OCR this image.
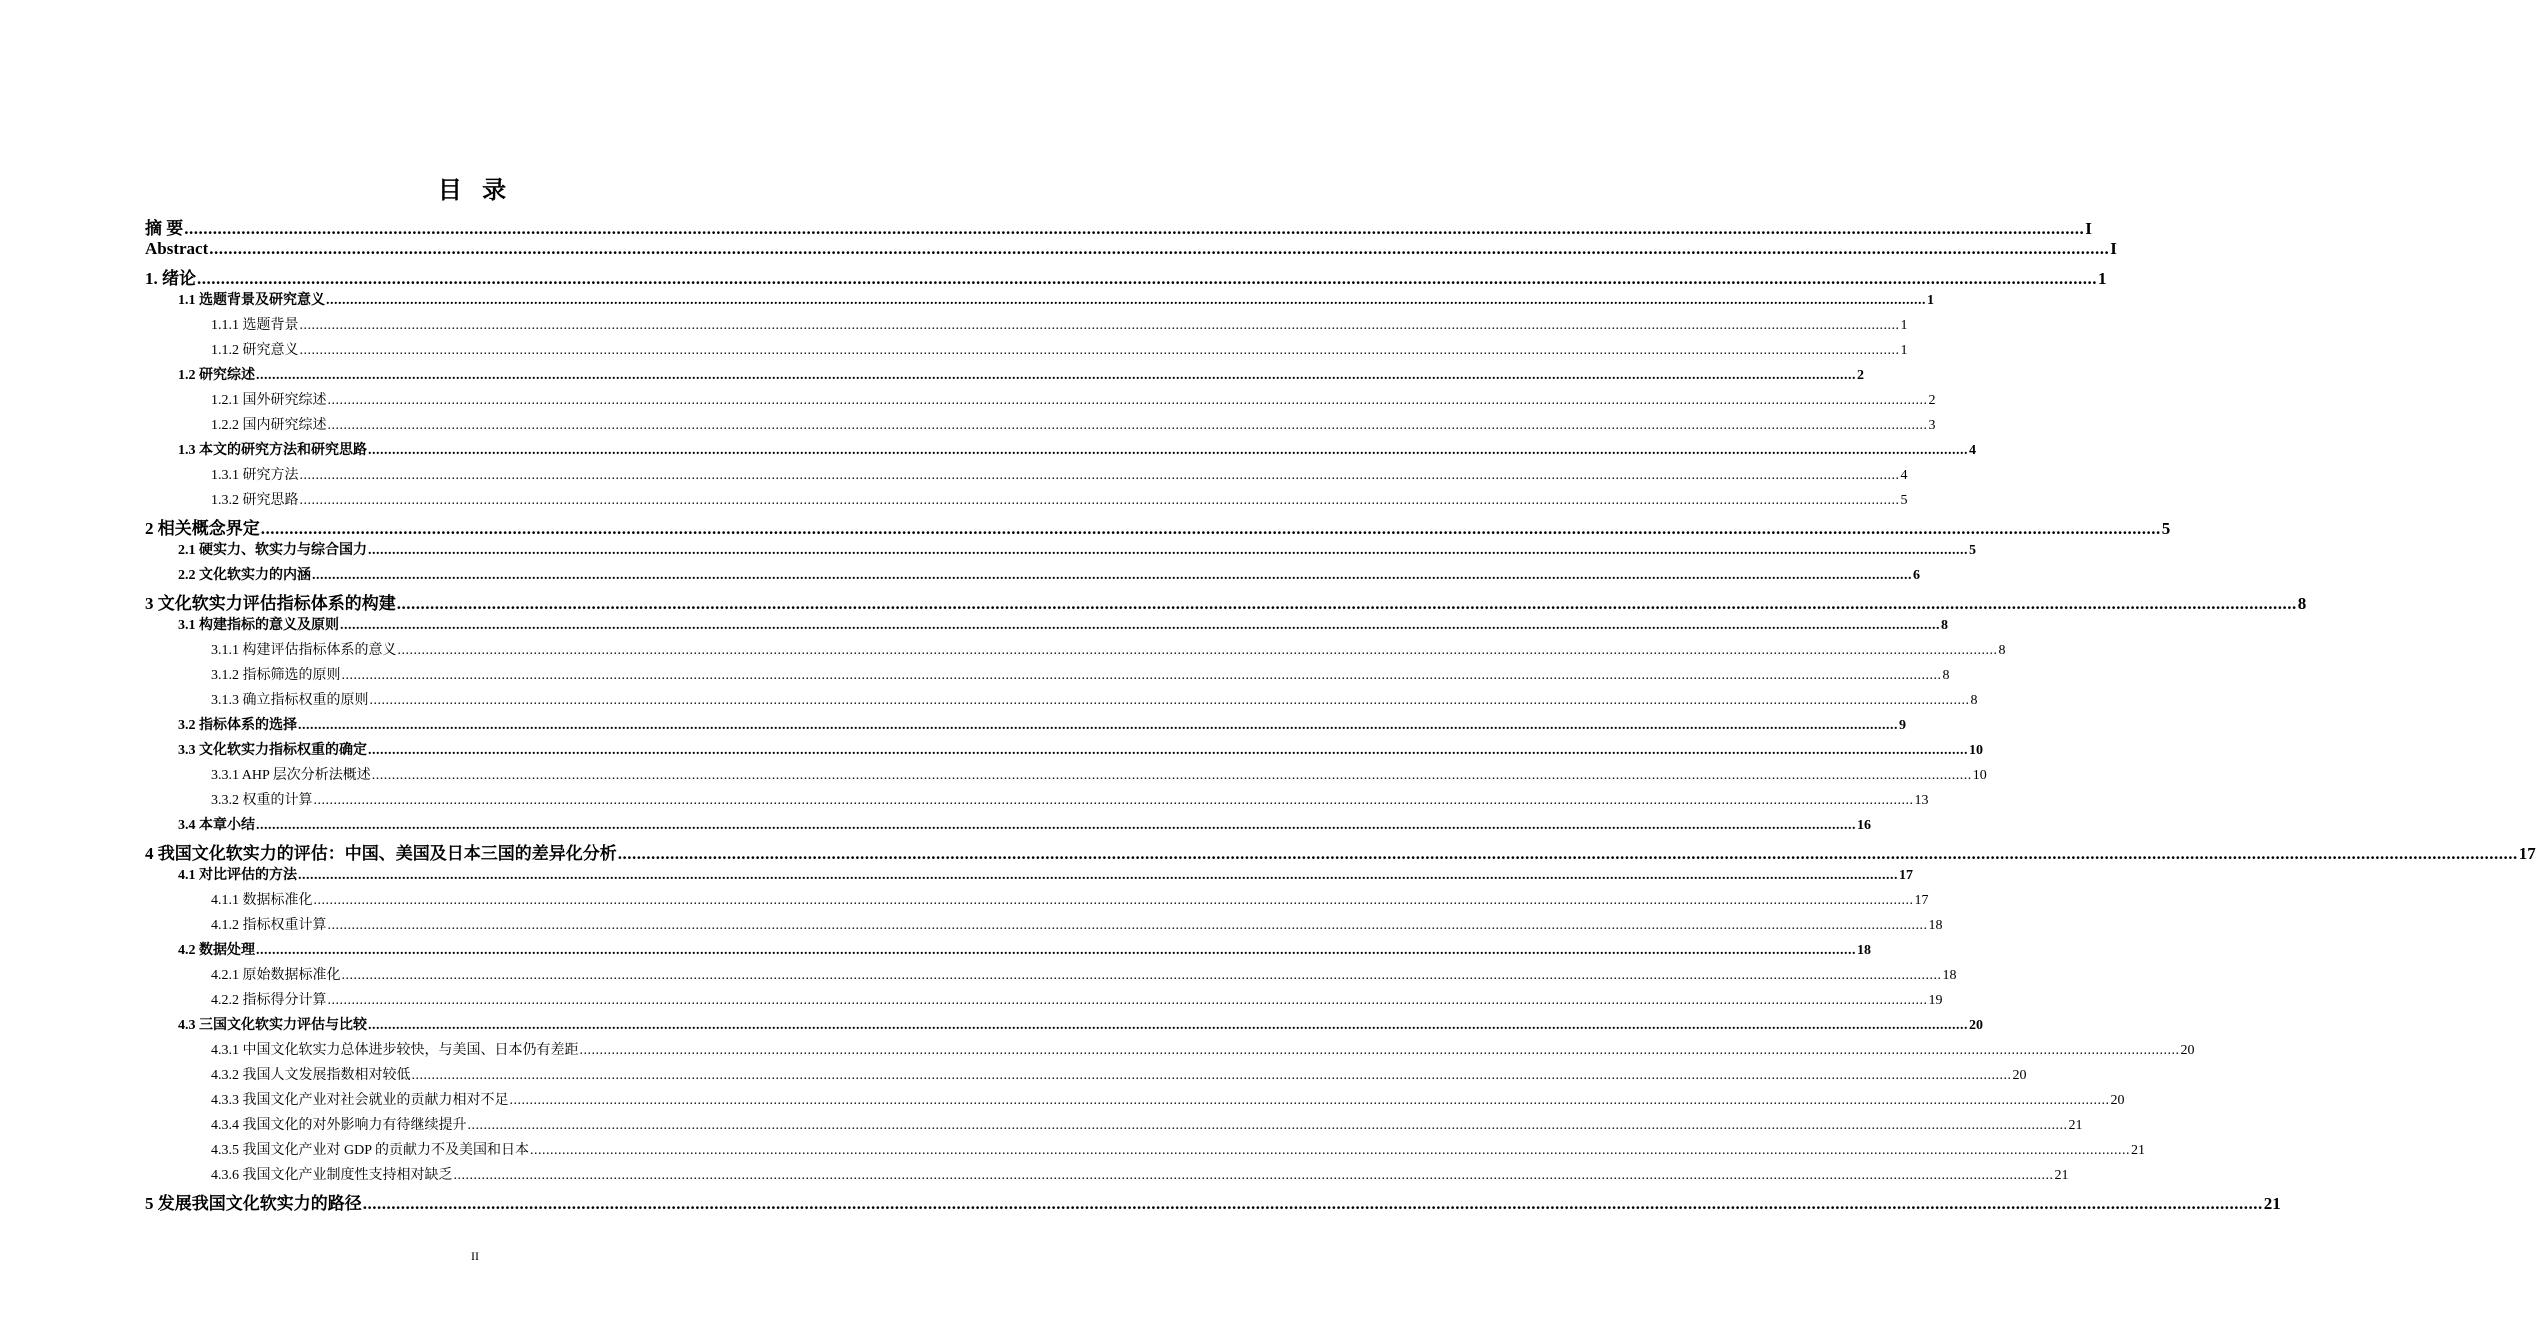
目 录
摘 要 ................................................................................................................................................................................................................................................................................................................................................................................................................ I
Abstract ................................................................................................................................................................................................................................................................................................................................................................................................................ I
1. 绪论 ................................................................................................................................................................................................................................................................................................................................................................................................................ 1
1.1 选题背景及研究意义 ................................................................................................................................................................................................................................................................................................................................................................................................................ 1
1.1.1 选题背景 ................................................................................................................................................................................................................................................................................................................................................................................................................ 1
1.1.2 研究意义 ................................................................................................................................................................................................................................................................................................................................................................................................................ 1
1.2 研究综述 ................................................................................................................................................................................................................................................................................................................................................................................................................ 2
1.2.1 国外研究综述 ................................................................................................................................................................................................................................................................................................................................................................................................................ 2
1.2.2 国内研究综述 ................................................................................................................................................................................................................................................................................................................................................................................................................ 3
1.3 本文的研究方法和研究思路 ................................................................................................................................................................................................................................................................................................................................................................................................................ 4
1.3.1 研究方法 ................................................................................................................................................................................................................................................................................................................................................................................................................ 4
1.3.2 研究思路 ................................................................................................................................................................................................................................................................................................................................................................................................................ 5
2 相关概念界定 ................................................................................................................................................................................................................................................................................................................................................................................................................ 5
2.1 硬实力、软实力与综合国力 ................................................................................................................................................................................................................................................................................................................................................................................................................ 5
2.2 文化软实力的内涵 ................................................................................................................................................................................................................................................................................................................................................................................................................ 6
3 文化软实力评估指标体系的构建 ................................................................................................................................................................................................................................................................................................................................................................................................................ 8
3.1 构建指标的意义及原则 ................................................................................................................................................................................................................................................................................................................................................................................................................ 8
3.1.1 构建评估指标体系的意义 ................................................................................................................................................................................................................................................................................................................................................................................................................ 8
3.1.2 指标筛选的原则 ................................................................................................................................................................................................................................................................................................................................................................................................................ 8
3.1.3 确立指标权重的原则 ................................................................................................................................................................................................................................................................................................................................................................................................................ 8
3.2 指标体系的选择 ................................................................................................................................................................................................................................................................................................................................................................................................................ 9
3.3 文化软实力指标权重的确定 ................................................................................................................................................................................................................................................................................................................................................................................................................ 10
3.3.1 AHP 层次分析法概述 ................................................................................................................................................................................................................................................................................................................................................................................................................ 10
3.3.2 权重的计算 ................................................................................................................................................................................................................................................................................................................................................................................................................ 13
3.4 本章小结 ................................................................................................................................................................................................................................................................................................................................................................................................................ 16
4 我国文化软实力的评估：中国、美国及日本三国的差异化分析 ................................................................................................................................................................................................................................................................................................................................................................................................................ 17
4.1 对比评估的方法 ................................................................................................................................................................................................................................................................................................................................................................................................................ 17
4.1.1 数据标准化 ................................................................................................................................................................................................................................................................................................................................................................................................................ 17
4.1.2 指标权重计算 ................................................................................................................................................................................................................................................................................................................................................................................................................ 18
4.2 数据处理 ................................................................................................................................................................................................................................................................................................................................................................................................................ 18
4.2.1 原始数据标准化 ................................................................................................................................................................................................................................................................................................................................................................................................................ 18
4.2.2 指标得分计算 ................................................................................................................................................................................................................................................................................................................................................................................................................ 19
4.3 三国文化软实力评估与比较 ................................................................................................................................................................................................................................................................................................................................................................................................................ 20
4.3.1 中国文化软实力总体进步较快，与美国、日本仍有差距 ................................................................................................................................................................................................................................................................................................................................................................................................................ 20
4.3.2 我国人文发展指数相对较低 ................................................................................................................................................................................................................................................................................................................................................................................................................ 20
4.3.3 我国文化产业对社会就业的贡献力相对不足 ................................................................................................................................................................................................................................................................................................................................................................................................................ 20
4.3.4 我国文化的对外影响力有待继续提升 ................................................................................................................................................................................................................................................................................................................................................................................................................ 21
4.3.5 我国文化产业对 GDP 的贡献力不及美国和日本 ................................................................................................................................................................................................................................................................................................................................................................................................................ 21
4.3.6 我国文化产业制度性支持相对缺乏 ................................................................................................................................................................................................................................................................................................................................................................................................................ 21
5 发展我国文化软实力的路径 ................................................................................................................................................................................................................................................................................................................................................................................................................ 21
II
